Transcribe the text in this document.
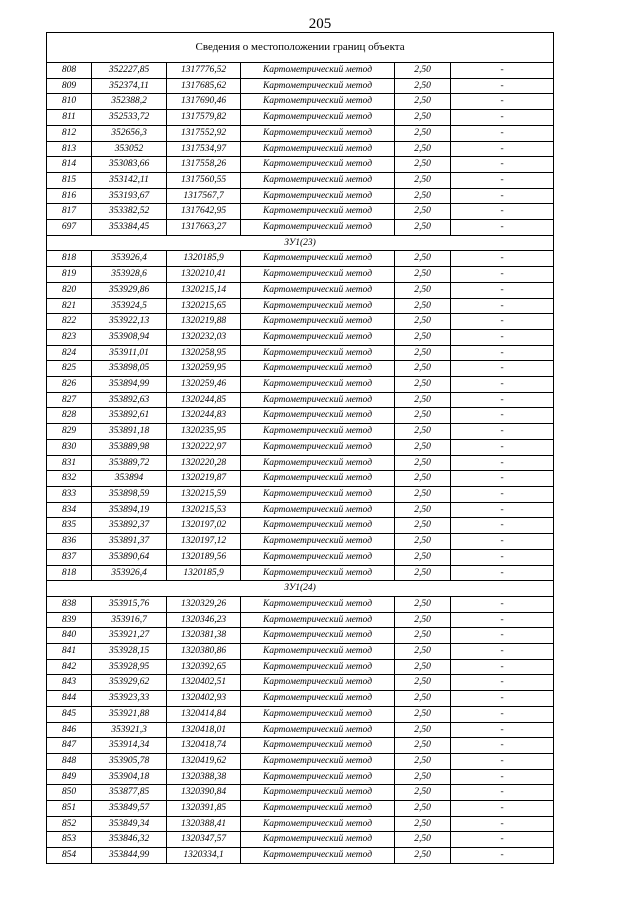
205
Сведения о местоположении границ объекта					
808	352227,85	1317776,52	Картометрический метод	2,50	-
809	352374,11	1317685,62	Картометрический метод	2,50	-
810	352388,2	1317690,46	Картометрический метод	2,50	-
811	352533,72	1317579,82	Картометрический метод	2,50	-
812	352656,3	1317552,92	Картометрический метод	2,50	-
813	353052	1317534,97	Картометрический метод	2,50	-
814	353083,66	1317558,26	Картометрический метод	2,50	-
815	353142,11	1317560,55	Картометрический метод	2,50	-
816	353193,67	1317567,7	Картометрический метод	2,50	-
817	353382,52	1317642,95	Картометрический метод	2,50	-
697	353384,45	1317663,27	Картометрический метод	2,50	-
ЗУ1(23)					
818	353926,4	1320185,9	Картометрический метод	2,50	-
819	353928,6	1320210,41	Картометрический метод	2,50	-
820	353929,86	1320215,14	Картометрический метод	2,50	-
821	353924,5	1320215,65	Картометрический метод	2,50	-
822	353922,13	1320219,88	Картометрический метод	2,50	-
823	353908,94	1320232,03	Картометрический метод	2,50	-
824	353911,01	1320258,95	Картометрический метод	2,50	-
825	353898,05	1320259,95	Картометрический метод	2,50	-
826	353894,99	1320259,46	Картометрический метод	2,50	-
827	353892,63	1320244,85	Картометрический метод	2,50	-
828	353892,61	1320244,83	Картометрический метод	2,50	-
829	353891,18	1320235,95	Картометрический метод	2,50	-
830	353889,98	1320222,97	Картометрический метод	2,50	-
831	353889,72	1320220,28	Картометрический метод	2,50	-
832	353894	1320219,87	Картометрический метод	2,50	-
833	353898,59	1320215,59	Картометрический метод	2,50	-
834	353894,19	1320215,53	Картометрический метод	2,50	-
835	353892,37	1320197,02	Картометрический метод	2,50	-
836	353891,37	1320197,12	Картометрический метод	2,50	-
837	353890,64	1320189,56	Картометрический метод	2,50	-
818	353926,4	1320185,9	Картометрический метод	2,50	-
ЗУ1(24)					
838	353915,76	1320329,26	Картометрический метод	2,50	-
839	353916,7	1320346,23	Картометрический метод	2,50	-
840	353921,27	1320381,38	Картометрический метод	2,50	-
841	353928,15	1320380,86	Картометрический метод	2,50	-
842	353928,95	1320392,65	Картометрический метод	2,50	-
843	353929,62	1320402,51	Картометрический метод	2,50	-
844	353923,33	1320402,93	Картометрический метод	2,50	-
845	353921,88	1320414,84	Картометрический метод	2,50	-
846	353921,3	1320418,01	Картометрический метод	2,50	-
847	353914,34	1320418,74	Картометрический метод	2,50	-
848	353905,78	1320419,62	Картометрический метод	2,50	-
849	353904,18	1320388,38	Картометрический метод	2,50	-
850	353877,85	1320390,84	Картометрический метод	2,50	-
851	353849,57	1320391,85	Картометрический метод	2,50	-
852	353849,34	1320388,41	Картометрический метод	2,50	-
853	353846,32	1320347,57	Картометрический метод	2,50	-
854	353844,99	1320334,1	Картометрический метод	2,50	-
